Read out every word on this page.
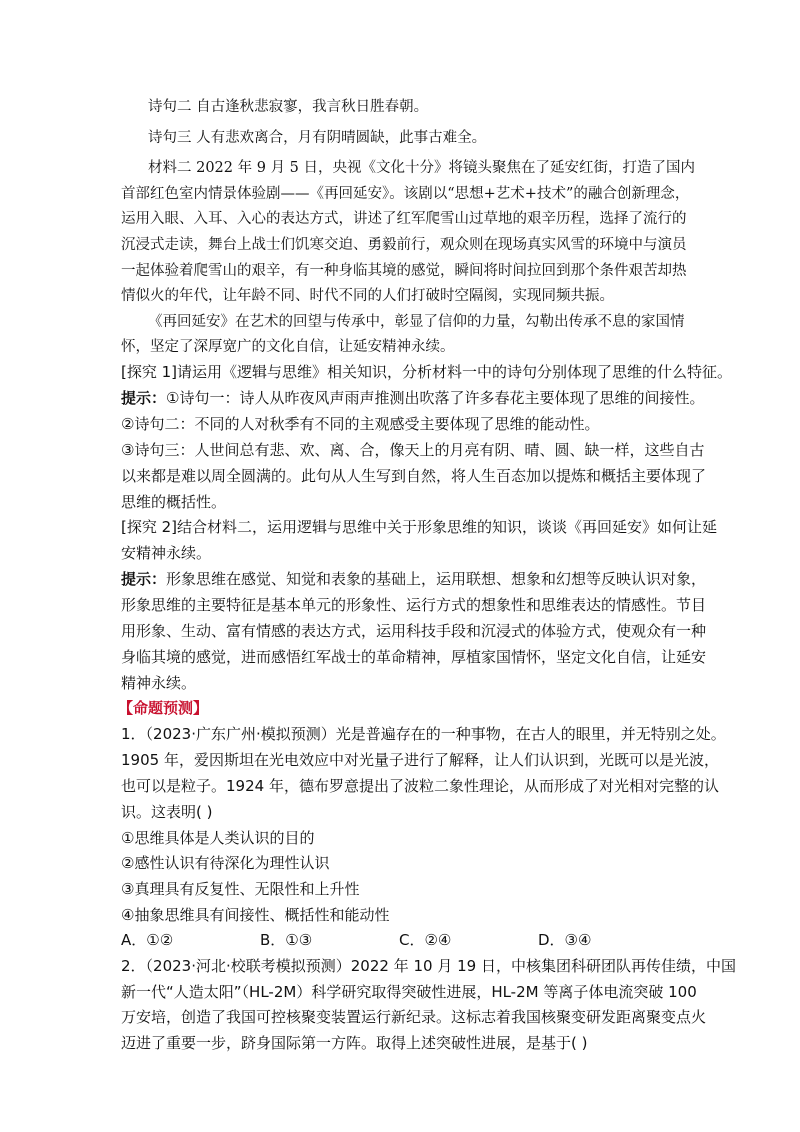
诗句二 自古逢秋悲寂寥，我言秋日胜春朝。
诗句三 人有悲欢离合，月有阴晴圆缺，此事古难全。
材料二 2022 年 9 月 5 日，央视《文化十分》将镜头聚焦在了延安红街，打造了国内
首部红色室内情景体验剧——《再回延安》。该剧以“思想+艺术+技术”的融合创新理念，
运用入眼、入耳、入心的表达方式，讲述了红军爬雪山过草地的艰辛历程，选择了流行的
沉浸式走读，舞台上战士们饥寒交迫、勇毅前行，观众则在现场真实风雪的环境中与演员
一起体验着爬雪山的艰辛，有一种身临其境的感觉，瞬间将时间拉回到那个条件艰苦却热
情似火的年代，让年龄不同、时代不同的人们打破时空隔阂，实现同频共振。
《再回延安》在艺术的回望与传承中，彰显了信仰的力量，勾勒出传承不息的家国情
怀，坚定了深厚宽广的文化自信，让延安精神永续。
[探究 1]请运用《逻辑与思维》相关知识，分析材料一中的诗句分别体现了思维的什么特征。
提示：①诗句一：诗人从昨夜风声雨声推测出吹落了许多春花主要体现了思维的间接性。
②诗句二：不同的人对秋季有不同的主观感受主要体现了思维的能动性。
③诗句三：人世间总有悲、欢、离、合，像天上的月亮有阴、晴、圆、缺一样，这些自古
以来都是难以周全圆满的。此句从人生写到自然，将人生百态加以提炼和概括主要体现了
思维的概括性。
[探究 2]结合材料二，运用逻辑与思维中关于形象思维的知识，谈谈《再回延安》如何让延
安精神永续。
提示：形象思维在感觉、知觉和表象的基础上，运用联想、想象和幻想等反映认识对象，
形象思维的主要特征是基本单元的形象性、运行方式的想象性和思维表达的情感性。节目
用形象、生动、富有情感的表达方式，运用科技手段和沉浸式的体验方式，使观众有一种
身临其境的感觉，进而感悟红军战士的革命精神，厚植家国情怀，坚定文化自信，让延安
精神永续。
【命题预测】
1．（2023·广东广州·模拟预测）光是普遍存在的一种事物，在古人的眼里，并无特别之处。
1905 年，爱因斯坦在光电效应中对光量子进行了解释，让人们认识到，光既可以是光波，
也可以是粒子。1924 年，德布罗意提出了波粒二象性理论，从而形成了对光相对完整的认
识。这表明( )
①思维具体是人类认识的目的
②感性认识有待深化为理性认识
③真理具有反复性、无限性和上升性
④抽象思维具有间接性、概括性和能动性
A．①②	B．①③	C．②④	D．③④
2．（2023·河北·校联考模拟预测）2022 年 10 月 19 日，中核集团科研团队再传佳绩，中国
新一代“人造太阳”（HL-2M）科学研究取得突破性进展，HL-2M 等离子体电流突破 100
万安培，创造了我国可控核聚变装置运行新纪录。这标志着我国核聚变研发距离聚变点火
迈进了重要一步，跻身国际第一方阵。取得上述突破性进展，是基于( )
